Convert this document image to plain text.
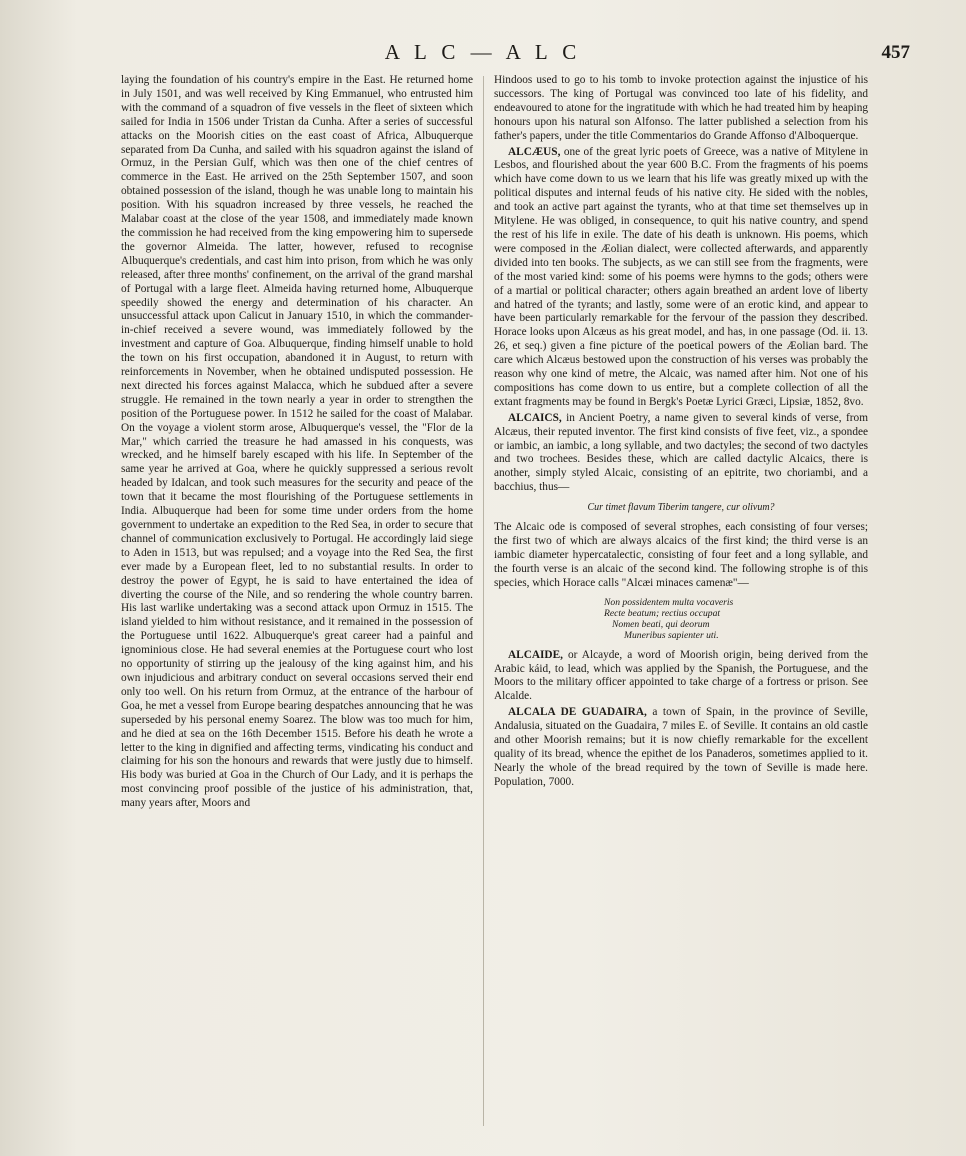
A L C — A L C	457

laying the foundation of his country's empire in the East. He returned home in July 1501, and was well received by King Emmanuel, who entrusted him with the command of a squadron of five vessels in the fleet of sixteen which sailed for India in 1506 under Tristan da Cunha. After a series of successful attacks on the Moorish cities on the east coast of Africa, Albuquerque separated from Da Cunha, and sailed with his squadron against the island of Ormuz, in the Persian Gulf, which was then one of the chief centres of commerce in the East. He arrived on the 25th September 1507, and soon obtained possession of the island, though he was unable long to maintain his position. With his squadron increased by three vessels, he reached the Malabar coast at the close of the year 1508, and immediately made known the commission he had received from the king empowering him to supersede the governor Almeida. The latter, however, refused to recognise Albuquerque's credentials, and cast him into prison, from which he was only released, after three months' confinement, on the arrival of the grand marshal of Portugal with a large fleet. Almeida having returned home, Albuquerque speedily showed the energy and determination of his character. An unsuccessful attack upon Calicut in January 1510, in which the commander-in-chief received a severe wound, was immediately followed by the investment and capture of Goa. Albuquerque, finding himself unable to hold the town on his first occupation, abandoned it in August, to return with reinforcements in November, when he obtained undisputed possession. He next directed his forces against Malacca, which he subdued after a severe struggle. He remained in the town nearly a year in order to strengthen the position of the Portuguese power. In 1512 he sailed for the coast of Malabar. On the voyage a violent storm arose, Albuquerque's vessel, the "Flor de la Mar," which carried the treasure he had amassed in his conquests, was wrecked, and he himself barely escaped with his life. In September of the same year he arrived at Goa, where he quickly suppressed a serious revolt headed by Idalcan, and took such measures for the security and peace of the town that it became the most flourishing of the Portuguese settlements in India. Albuquerque had been for some time under orders from the home government to undertake an expedition to the Red Sea, in order to secure that channel of communication exclusively to Portugal. He accordingly laid siege to Aden in 1513, but was repulsed; and a voyage into the Red Sea, the first ever made by a European fleet, led to no substantial results. In order to destroy the power of Egypt, he is said to have entertained the idea of diverting the course of the Nile, and so rendering the whole country barren. His last warlike undertaking was a second attack upon Ormuz in 1515. The island yielded to him without resistance, and it remained in the possession of the Portuguese until 1622. Albuquerque's great career had a painful and ignominious close. He had several enemies at the Portuguese court who lost no opportunity of stirring up the jealousy of the king against him, and his own injudicious and arbitrary conduct on several occasions served their end only too well. On his return from Ormuz, at the entrance of the harbour of Goa, he met a vessel from Europe bearing despatches announcing that he was superseded by his personal enemy Soarez. The blow was too much for him, and he died at sea on the 16th December 1515. Before his death he wrote a letter to the king in dignified and affecting terms, vindicating his conduct and claiming for his son the honours and rewards that were justly due to himself. His body was buried at Goa in the Church of Our Lady, and it is perhaps the most convincing proof possible of the justice of his administration, that, many years after, Moors and

Hindoos used to go to his tomb to invoke protection against the injustice of his successors. The king of Portugal was convinced too late of his fidelity, and endeavoured to atone for the ingratitude with which he had treated him by heaping honours upon his natural son Alfonso. The latter published a selection from his father's papers, under the title Commentarios do Grande Affonso d'Alboquerque.

ALCÆUS, one of the great lyric poets of Greece, was a native of Mitylene in Lesbos, and flourished about the year 600 B.C. From the fragments of his poems which have come down to us we learn that his life was greatly mixed up with the political disputes and internal feuds of his native city. He sided with the nobles, and took an active part against the tyrants, who at that time set themselves up in Mitylene. He was obliged, in consequence, to quit his native country, and spend the rest of his life in exile. The date of his death is unknown. His poems, which were composed in the Æolian dialect, were collected afterwards, and apparently divided into ten books. The subjects, as we can still see from the fragments, were of the most varied kind: some of his poems were hymns to the gods; others were of a martial or political character; others again breathed an ardent love of liberty and hatred of the tyrants; and lastly, some were of an erotic kind, and appear to have been particularly remarkable for the fervour of the passion they described. Horace looks upon Alcæus as his great model, and has, in one passage (Od. ii. 13. 26, et seq.) given a fine picture of the poetical powers of the Æolian bard. The care which Alcæus bestowed upon the construction of his verses was probably the reason why one kind of metre, the Alcaic, was named after him. Not one of his compositions has come down to us entire, but a complete collection of all the extant fragments may be found in Bergk's Poetæ Lyrici Græci, Lipsiæ, 1852, 8vo.

ALCAICS, in Ancient Poetry, a name given to several kinds of verse, from Alcæus, their reputed inventor. The first kind consists of five feet, viz., a spondee or iambic, an iambic, a long syllable, and two dactyles; the second of two dactyles and two trochees. Besides these, which are called dactylic Alcaics, there is another, simply styled Alcaic, consisting of an epitrite, two choriambi, and a bacchius, thus—

Cur timet flavum Tiberim tangere, cur olivum?

The Alcaic ode is composed of several strophes, each consisting of four verses; the first two of which are always alcaics of the first kind; the third verse is an iambic diameter hypercatalectic, consisting of four feet and a long syllable, and the fourth verse is an alcaic of the second kind. The following strophe is of this species, which Horace calls "Alcæi minaces camenæ"—

Non possidentem multa vocaveris
Recte beatum; rectius occupat
Nomen beati, qui deorum
Muneribus sapienter uti.

ALCAIDE, or Alcayde, a word of Moorish origin, being derived from the Arabic káid, to lead, which was applied by the Spanish, the Portuguese, and the Moors to the military officer appointed to take charge of a fortress or prison. See Alcalde.

ALCALA DE GUADAIRA, a town of Spain, in the province of Seville, Andalusia, situated on the Guadaira, 7 miles E. of Seville. It contains an old castle and other Moorish remains; but it is now chiefly remarkable for the excellent quality of its bread, whence the epithet de los Panaderos, sometimes applied to it. Nearly the whole of the bread required by the town of Seville is made here. Population, 7000.
